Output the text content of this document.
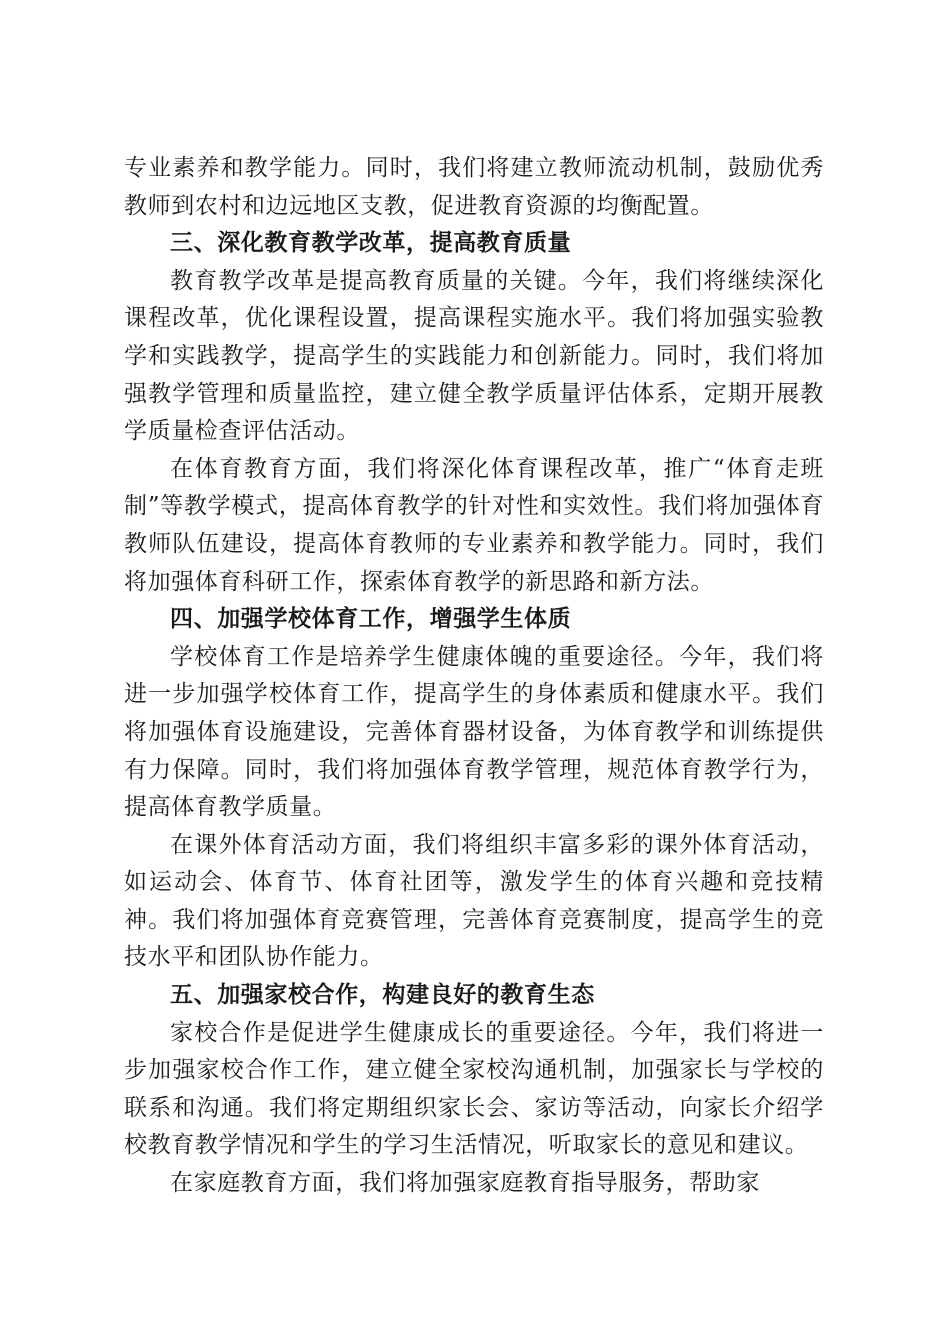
专业素养和教学能力。同时，我们将建立教师流动机制，鼓励优秀教师到农村和边远地区支教，促进教育资源的均衡配置。

三、深化教育教学改革，提高教育质量

教育教学改革是提高教育质量的关键。今年，我们将继续深化课程改革，优化课程设置，提高课程实施水平。我们将加强实验教学和实践教学，提高学生的实践能力和创新能力。同时，我们将加强教学管理和质量监控，建立健全教学质量评估体系，定期开展教学质量检查评估活动。

在体育教育方面，我们将深化体育课程改革，推广“体育走班制”等教学模式，提高体育教学的针对性和实效性。我们将加强体育教师队伍建设，提高体育教师的专业素养和教学能力。同时，我们将加强体育科研工作，探索体育教学的新思路和新方法。

四、加强学校体育工作，增强学生体质

学校体育工作是培养学生健康体魄的重要途径。今年，我们将进一步加强学校体育工作，提高学生的身体素质和健康水平。我们将加强体育设施建设，完善体育器材设备，为体育教学和训练提供有力保障。同时，我们将加强体育教学管理，规范体育教学行为，提高体育教学质量。

在课外体育活动方面，我们将组织丰富多彩的课外体育活动，如运动会、体育节、体育社团等，激发学生的体育兴趣和竞技精神。我们将加强体育竞赛管理，完善体育竞赛制度，提高学生的竞技水平和团队协作能力。

五、加强家校合作，构建良好的教育生态

家校合作是促进学生健康成长的重要途径。今年，我们将进一步加强家校合作工作，建立健全家校沟通机制，加强家长与学校的联系和沟通。我们将定期组织家长会、家访等活动，向家长介绍学校教育教学情况和学生的学习生活情况，听取家长的意见和建议。

在家庭教育方面，我们将加强家庭教育指导服务，帮助家
